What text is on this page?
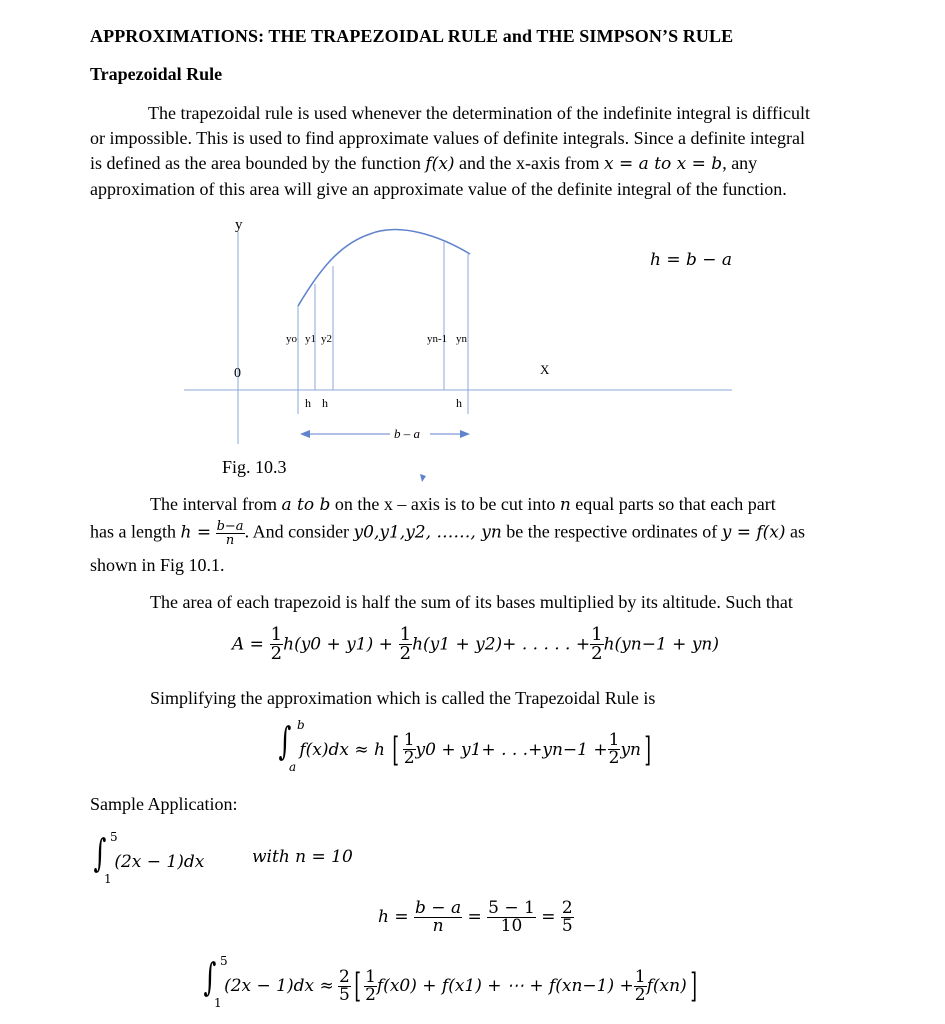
APPROXIMATIONS: THE TRAPEZOIDAL RULE and THE SIMPSON’S RULE
Trapezoidal Rule
The trapezoidal rule is used whenever the determination of the indefinite integral is difficult
or impossible. This is used to find approximate values of definite integrals. Since a definite integral
is defined as the area bounded by the function f(x) and the x-axis from x = a to x = b, any
approximation of this area will give an approximate value of the definite integral of the function.
y
0	X
yo y1 y2	yn-1 yn
h h	h
b – a
h = b − a
Fig. 10.3
The interval from a to b on the x – axis is to be cut into n equal parts so that each part
has a length $h = \frac{b-a}{n}$ . And consider y0,y1,y2, ……, yn be the respective ordinates of y = f(x) as
shown in Fig 10.1.
The area of each trapezoid is half the sum of its bases multiplied by its altitude. Such that
$A = \frac{1}{2} h(y0 + y1) + \frac{1}{2} h(y1 + y2)+$ . . . . . + $\frac{1}{2} h(yn-1 + yn)$
Simplifying the approximation which is called the Trapezoidal Rule is
∫ b
a
f(x)dx ≈ h [ $\frac{1}{2} y0 + y1+$ . . $.+yn-1 + \frac{1}{2} yn$]
Sample Application:
∫ 5
1
(2x − 1)dx	with n = 10
$h = \frac{b - a}{n} = \frac{5 - 1}{10} = \frac{2}{5}$
∫ 5
1
$(2x - 1)dx \approx \frac{2}{5}$ [ $\frac{1}{2} f(x0) + f(x1)$ + ⋯ + $f(xn-1) + \frac{1}{2} f(xn)$]
